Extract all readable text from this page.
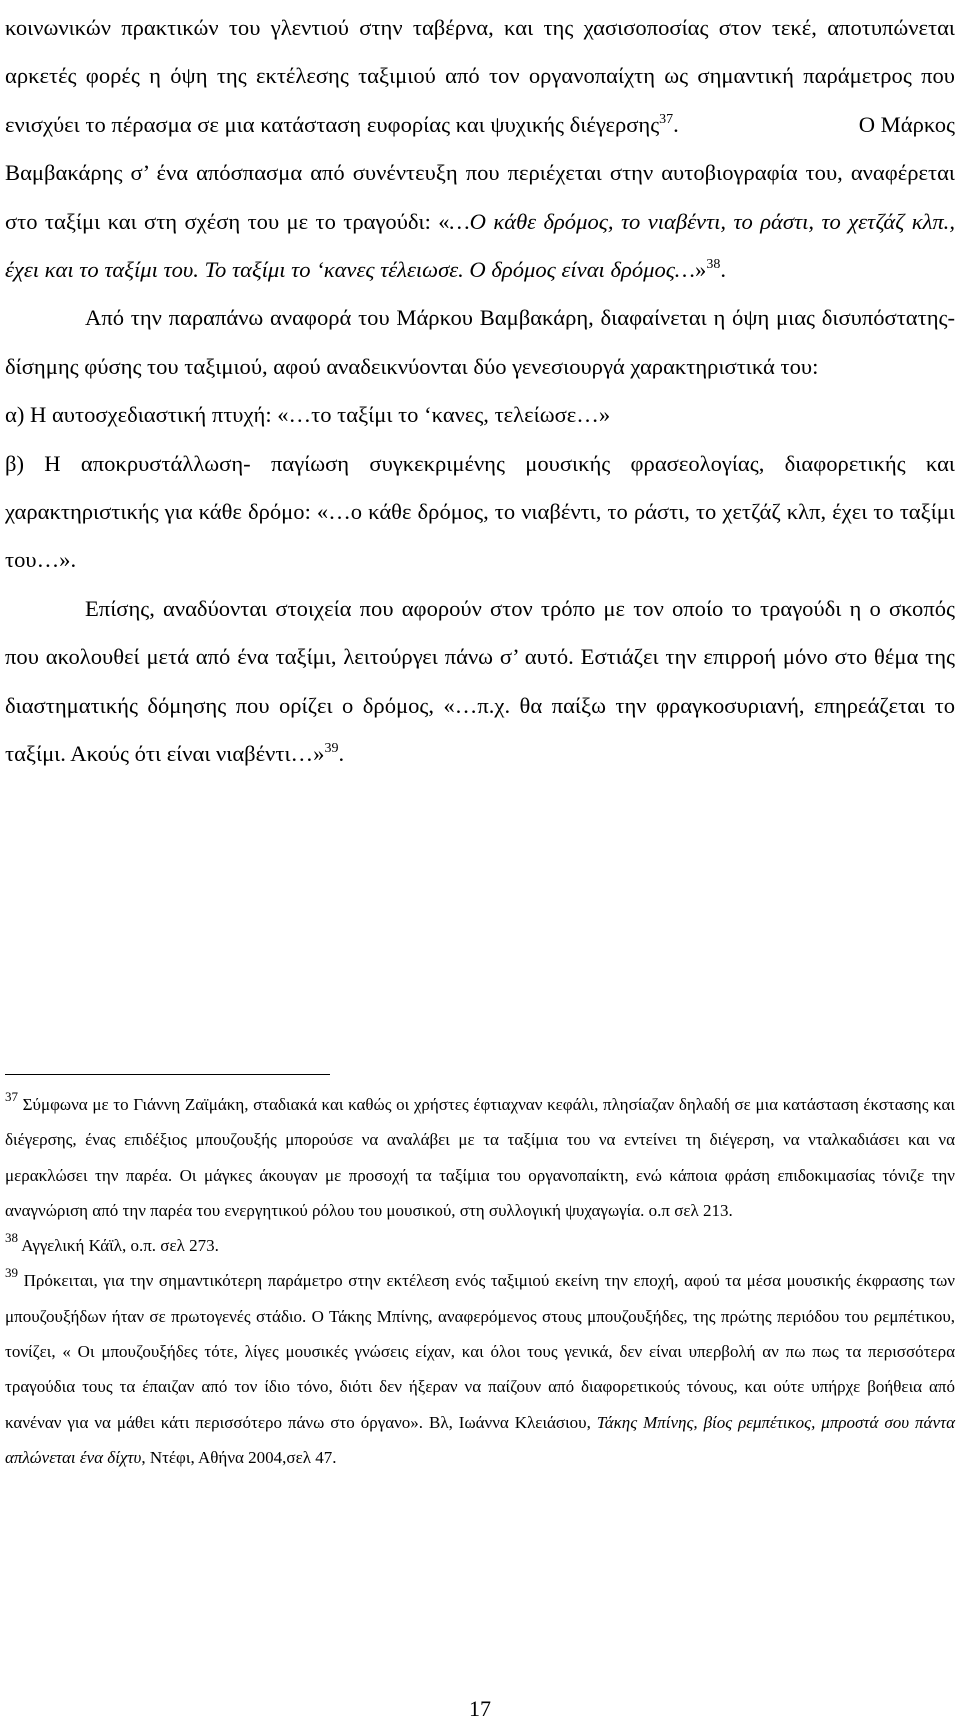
κοινωνικών πρακτικών του γλεντιού στην ταβέρνα, και της χασισοποσίας στον τεκέ, αποτυπώνεται αρκετές φορές η όψη της εκτέλεσης ταξιμιού από τον οργανοπαίχτη ως σημαντική παράμετρος που ενισχύει το πέρασμα σε μια κατάσταση ευφορίας και ψυχικής διέγερσης$^{37}$.	Ο Μάρκος

Βαμβακάρης σ’ ένα απόσπασμα από συνέντευξη που περιέχεται στην αυτοβιογραφία του, αναφέρεται στο ταξίμι και στη σχέση του με το τραγούδι: «…Ο κάθε δρόμος, το νιαβέντι, το ράστι, το χετζάζ κλπ., έχει και το ταξίμι του. Το ταξίμι το ‘κανες τέλειωσε. Ο δρόμος είναι δρόμος…»$^{38}$.

Από την παραπάνω αναφορά του Μάρκου Βαμβακάρη, διαφαίνεται η όψη μιας δισυπόστατης-δίσημης φύσης του ταξιμιού, αφού αναδεικνύονται δύο γενεσιουργά χαρακτηριστικά του:

α) Η αυτοσχεδιαστική πτυχή: «…το ταξίμι το ‘κανες, τελείωσε…»

β) Η αποκρυστάλλωση- παγίωση συγκεκριμένης μουσικής φρασεολογίας, διαφορετικής και χαρακτηριστικής για κάθε δρόμο: «…ο κάθε δρόμος, το νιαβέντι, το ράστι, το χετζάζ κλπ, έχει το ταξίμι του…».

Επίσης, αναδύονται στοιχεία που αφορούν στον τρόπο με τον οποίο το τραγούδι η ο σκοπός που ακολουθεί μετά από ένα ταξίμι, λειτούργει πάνω σ’ αυτό. Εστιάζει την επιρροή μόνο στο θέμα της διαστηματικής δόμησης που ορίζει ο δρόμος, «…π.χ. θα παίξω την φραγκοσυριανή, επηρεάζεται το ταξίμι. Ακούς ότι είναι νιαβέντι…»$^{39}$.

$^{37}$ Σύμφωνα με το Γιάννη Ζαϊμάκη, σταδιακά και καθώς οι χρήστες έφτιαχναν κεφάλι, πλησίαζαν δηλαδή σε μια κατάσταση έκστασης και διέγερσης, ένας επιδέξιος μπουζουξής μπορούσε να αναλάβει με τα ταξίμια του να εντείνει τη διέγερση, να νταλκαδιάσει και να μερακλώσει την παρέα. Οι μάγκες άκουγαν με προσοχή τα ταξίμια του οργανοπαίκτη, ενώ κάποια φράση επιδοκιμασίας τόνιζε την αναγνώριση από την παρέα του ενεργητικού ρόλου του μουσικού, στη συλλογική ψυχαγωγία. ο.π σελ 213.

$^{38}$ Αγγελική Κάϊλ, ο.π. σελ 273.

$^{39}$ Πρόκειται, για την σημαντικότερη παράμετρο στην εκτέλεση ενός ταξιμιού εκείνη την εποχή, αφού τα μέσα μουσικής έκφρασης των μπουζουξήδων ήταν σε πρωτογενές στάδιο. Ο Τάκης Μπίνης, αναφερόμενος στους μπουζουξήδες, της πρώτης περιόδου του ρεμπέτικου, τονίζει, « Οι μπουζουξήδες τότε, λίγες μουσικές γνώσεις είχαν, και όλοι τους γενικά, δεν είναι υπερβολή αν πω πως τα περισσότερα τραγούδια τους τα έπαιζαν από τον ίδιο τόνο, διότι δεν ήξεραν να παίζουν από διαφορετικούς τόνους, και ούτε υπήρχε βοήθεια από κανέναν για να μάθει κάτι περισσότερο πάνω στο όργανο». Βλ, Ιωάννα Κλειάσιου, Τάκης Μπίνης, βίος ρεμπέτικος, μπροστά σου πάντα απλώνεται ένα δίχτυ, Ντέφι, Αθήνα 2004,σελ 47.

17
